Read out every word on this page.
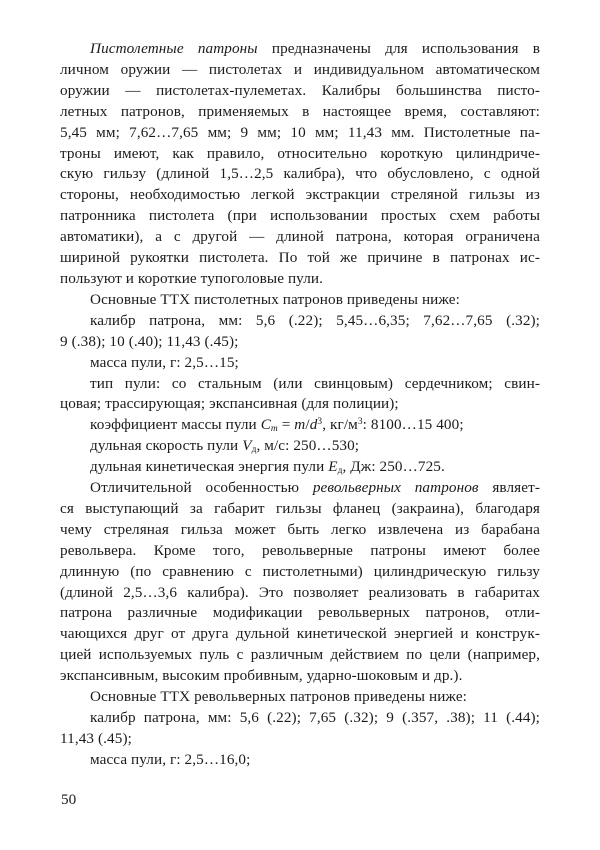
Пистолетные патроны предназначены для использования в
личном оружии — пистолетах и индивидуальном автоматическом
оружии — пистолетах-пулеметах. Калибры большинства писто-
летных патронов, применяемых в настоящее время, составляют:
5,45 мм; 7,62…7,65 мм; 9 мм; 10 мм; 11,43 мм. Пистолетные па-
троны имеют, как правило, относительно короткую цилиндриче-
скую гильзу (длиной 1,5…2,5 калибра), что обусловлено, с одной
стороны, необходимостью легкой экстракции стреляной гильзы из
патронника пистолета (при использовании простых схем работы
автоматики), а с другой — длиной патрона, которая ограничена
шириной рукоятки пистолета. По той же причине в патронах ис-
пользуют и короткие тупоголовые пули.
Основные ТТХ пистолетных патронов приведены ниже:
калибр патрона, мм: 5,6 (.22); 5,45…6,35; 7,62…7,65 (.32);
9 (.38); 10 (.40); 11,43 (.45);
масса пули, г: 2,5…15;
тип пули: со стальным (или свинцовым) сердечником; свин-
цовая; трассирующая; экспансивная (для полиции);
коэффициент массы пули $C_m = m/d^3$, $кг/м^3$: 8100…15 400;
дульная скорость пули $V_д$, м/с: 250…530;
дульная кинетическая энергия пули $E_д$, Дж: 250…725.
Отличительной особенностью револьверных патронов являет-
ся выступающий за габарит гильзы фланец (закраина), благодаря
чему стреляная гильза может быть легко извлечена из барабана
револьвера. Кроме того, револьверные патроны имеют более
длинную (по сравнению с пистолетными) цилиндрическую гильзу
(длиной 2,5…3,6 калибра). Это позволяет реализовать в габаритах
патрона различные модификации револьверных патронов, отли-
чающихся друг от друга дульной кинетической энергией и конструк-
цией используемых пуль с различным действием по цели (например,
экспансивным, высоким пробивным, ударно-шоковым и др.).
Основные ТТХ револьверных патронов приведены ниже:
калибр патрона, мм: 5,6 (.22); 7,65 (.32); 9 (.357, .38); 11 (.44);
11,43 (.45);
масса пули, г: 2,5…16,0;
50
